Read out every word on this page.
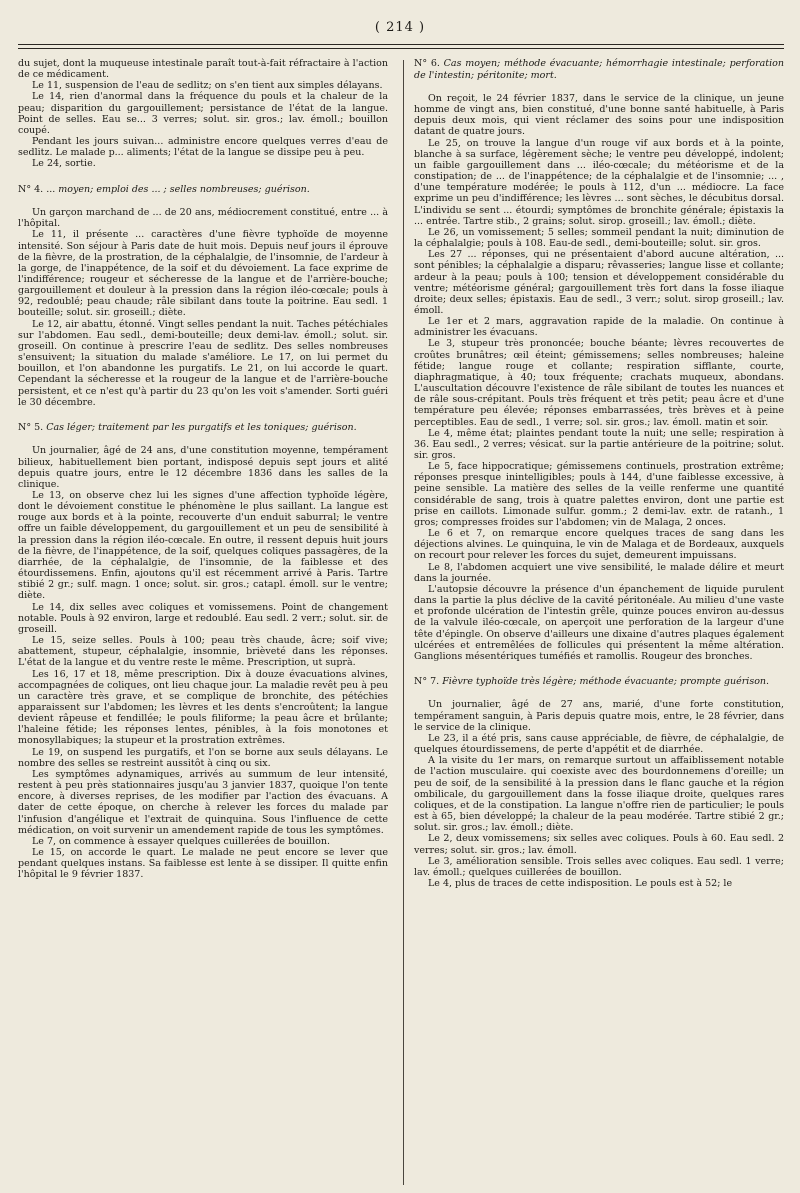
( 214 )

du sujet, dont la muqueuse intestinale paraît tout-à-fait réfractaire à l'action de ce médicament.

Le 11, suspension de l'eau de sedlitz; on s'en tient aux simples délayans.

Le 14, rien d'anormal dans la fréquence du pouls et la chaleur de la peau; disparition du gargouillement; persistance de l'état de la langue. Point de selles. Eau se... 3 verres; solut. sir. gros.; lav. émoll.; bouillon coupé.

Pendant les jours suivan... administre encore quelques verres d'eau de sedlitz. Le malade p... aliments; l'état de la langue se dissipe peu à peu.

Le 24, sortie.

N° 4. ... moyen; emploi des ... ; selles nombreuses; guérison.

Un garçon marchand de ... de 20 ans, médiocrement constitué, entre ... à l'hôpital.

Le 11, il présente ... caractères d'une fièvre typhoïde de moyenne intensité. Son séjour à Paris date de huit mois. Depuis neuf jours il éprouve de la fièvre, de la prostration, de la céphalalgie, de l'insomnie, de l'ardeur à la gorge, de l'inappétence, de la soif et du dévoiement. La face exprime de l'indifférence; rougeur et sécheresse de la langue et de l'arrière-bouche; gargouillement et douleur à la pression dans la région iléo-cœcale; pouls à 92, redoublé; peau chaude; râle sibilant dans toute la poitrine. Eau sedl. 1 bouteille; solut. sir. groseill.; diète.

Le 12, air abattu, étonné. Vingt selles pendant la nuit. Taches pétéchiales sur l'abdomen. Eau sedl., demi-bouteille; deux demi-lav. émoll.; solut. sir. groseill. On continue à prescrire l'eau de sedlitz. Des selles nombreuses s'ensuivent; la situation du malade s'améliore. Le 17, on lui permet du bouillon, et l'on abandonne les purgatifs. Le 21, on lui accorde le quart. Cependant la sécheresse et la rougeur de la langue et de l'arrière-bouche persistent, et ce n'est qu'à partir du 23 qu'on les voit s'amender. Sorti guéri le 30 décembre.

N° 5. Cas léger; traitement par les purgatifs et les toniques; guérison.

Un journalier, âgé de 24 ans, d'une constitution moyenne, tempérament bilieux, habituellement bien portant, indisposé depuis sept jours et alité depuis quatre jours, entre le 12 décembre 1836 dans les salles de la clinique.

Le 13, on observe chez lui les signes d'une affection typhoïde légère, dont le dévoiement constitue le phénomène le plus saillant. La langue est rouge aux bords et à la pointe, recouverte d'un enduit saburral; le ventre offre un faible développement, du gargouillement et un peu de sensibilité à la pression dans la région iléo-cœcale. En outre, il ressent depuis huit jours de la fièvre, de l'inappétence, de la soif, quelques coliques passagères, de la diarrhée, de la céphalalgie, de l'insomnie, de la faiblesse et des étourdissemens. Enfin, ajoutons qu'il est récemment arrivé à Paris. Tartre stibié 2 gr.; sulf. magn. 1 once; solut. sir. gros.; catapl. émoll. sur le ventre; diète.

Le 14, dix selles avec coliques et vomissemens. Point de changement notable. Pouls à 92 environ, large et redoublé. Eau sedl. 2 verr.; solut. sir. de groseill.

Le 15, seize selles. Pouls à 100; peau très chaude, âcre; soif vive; abattement, stupeur, céphalalgie, insomnie, brièveté dans les réponses. L'état de la langue et du ventre reste le même. Prescription, ut suprà.

Les 16, 17 et 18, même prescription. Dix à douze évacuations alvines, accompagnées de coliques, ont lieu chaque jour. La maladie revêt peu à peu un caractère très grave, et se complique de bronchite, des pétéchies apparaissent sur l'abdomen; les lèvres et les dents s'encroûtent; la langue devient râpeuse et fendillée; le pouls filiforme; la peau âcre et brûlante; l'haleine fétide; les réponses lentes, pénibles, à la fois monotones et monosyllabiques; la stupeur et la prostration extrêmes.

Le 19, on suspend les purgatifs, et l'on se borne aux seuls délayans. Le nombre des selles se restreint aussitôt à cinq ou six.

Les symptômes adynamiques, arrivés au summum de leur intensité, restent à peu près stationnaires jusqu'au 3 janvier 1837, quoique l'on tente encore, à diverses reprises, de les modifier par l'action des évacuans. A dater de cette époque, on cherche à relever les forces du malade par l'infusion d'angélique et l'extrait de quinquina. Sous l'influence de cette médication, on voit survenir un amendement rapide de tous les symptômes.

Le 7, on commence à essayer quelques cuillerées de bouillon.

Le 15, on accorde le quart. Le malade ne peut encore se lever que pendant quelques instans. Sa faiblesse est lente à se dissiper. Il quitte enfin l'hôpital le 9 février 1837.

N° 6. Cas moyen; méthode évacuante; hémorrhagie intestinale; perforation de l'intestin; péritonite; mort.

On reçoit, le 24 février 1837, dans le service de la clinique, un jeune homme de vingt ans, bien constitué, d'une bonne santé habituelle, à Paris depuis deux mois, qui vient réclamer des soins pour une indisposition datant de quatre jours.

Le 25, on trouve la langue d'un rouge vif aux bords et à la pointe, blanche à sa surface, légèrement sèche; le ventre peu développé, indolent; un faible gargouillement dans ... iléo-cœcale; du météorisme et de la constipation; de ... de l'inappétence; de la céphalalgie et de l'insomnie; ... , d'une température modérée; le pouls à 112, d'un ... médiocre. La face exprime un peu d'indifférence; les lèvres ... sont sèches, le décubitus dorsal. L'individu se sent ... étourdi; symptômes de bronchite générale; épistaxis la ... entrée. Tartre stib., 2 grains; solut. sirop. groseill.; lav. émoll.; diète.

Le 26, un vomissement; 5 selles; sommeil pendant la nuit; diminution de la céphalalgie; pouls à 108. Eau-de sedl., demi-bouteille; solut. sir. gros.

Les 27 ... réponses, qui ne présentaient d'abord aucune altération, ... sont pénibles; la céphalalgie a disparu; rêvasseries; langue lisse et collante; ardeur à la peau; pouls à 100; tension et développement considérable du ventre; météorisme général; gargouillement très fort dans la fosse iliaque droite; deux selles; épistaxis. Eau de sedl., 3 verr.; solut. sirop groseill.; lav. émoll.

Le 1er et 2 mars, aggravation rapide de la maladie. On continue à administrer les évacuans.

Le 3, stupeur très prononcée; bouche béante; lèvres recouvertes de croûtes brunâtres; œil éteint; gémissemens; selles nombreuses; haleine fétide; langue rouge et collante; respiration sifflante, courte, diaphragmatique, à 40; toux fréquente; crachats muqueux, abondans. L'auscultation découvre l'existence de râle sibilant de toutes les nuances et de râle sous-crépitant. Pouls très fréquent et très petit; peau âcre et d'une température peu élevée; réponses embarrassées, très brèves et à peine perceptibles. Eau de sedl., 1 verre; sol. sir. gros.; lav. émoll. matin et soir.

Le 4, même état; plaintes pendant toute la nuit; une selle; respiration à 36. Eau sedl., 2 verres; vésicat. sur la partie antérieure de la poitrine; solut. sir. gros.

Le 5, face hippocratique; gémissemens continuels, prostration extrême; réponses presque inintelligibles; pouls à 144, d'une faiblesse excessive, à peine sensible. La matière des selles de la veille renferme une quantité considérable de sang, trois à quatre palettes environ, dont une partie est prise en caillots. Limonade sulfur. gomm.; 2 demi-lav. extr. de ratanh., 1 gros; compresses froides sur l'abdomen; vin de Malaga, 2 onces.

Le 6 et 7, on remarque encore quelques traces de sang dans les déjections alvines. Le quinquina, le vin de Malaga et de Bordeaux, auxquels on recourt pour relever les forces du sujet, demeurent impuissans.

Le 8, l'abdomen acquiert une vive sensibilité, le malade délire et meurt dans la journée.

L'autopsie découvre la présence d'un épanchement de liquide purulent dans la partie la plus déclive de la cavité péritonéale. Au milieu d'une vaste et profonde ulcération de l'intestin grêle, quinze pouces environ au-dessus de la valvule iléo-cœcale, on aperçoit une perforation de la largeur d'une tête d'épingle. On observe d'ailleurs une dixaine d'autres plaques également ulcérées et entremêlées de follicules qui présentent la même altération. Ganglions mésentériques tuméfiés et ramollis. Rougeur des bronches.

N° 7. Fièvre typhoïde très légère; méthode évacuante; prompte guérison.

Un journalier, âgé de 27 ans, marié, d'une forte constitution, tempérament sanguin, à Paris depuis quatre mois, entre, le 28 février, dans le service de la clinique.

Le 23, il a été pris, sans cause appréciable, de fièvre, de céphalalgie, de quelques étourdissemens, de perte d'appétit et de diarrhée.

A la visite du 1er mars, on remarque surtout un affaiblissement notable de l'action musculaire. qui coexiste avec des bourdonnemens d'oreille; un peu de soif, de la sensibilité à la pression dans le flanc gauche et la région ombilicale, du gargouillement dans la fosse iliaque droite, quelques rares coliques, et de la constipation. La langue n'offre rien de particulier; le pouls est à 65, bien développé; la chaleur de la peau modérée. Tartre stibié 2 gr.; solut. sir. gros.; lav. émoll.; diète.

Le 2, deux vomissemens; six selles avec coliques. Pouls à 60. Eau sedl. 2 verres; solut. sir. gros.; lav. émoll.

Le 3, amélioration sensible. Trois selles avec coliques. Eau sedl. 1 verre; lav. émoll.; quelques cuillerées de bouillon.

Le 4, plus de traces de cette indisposition. Le pouls est à 52; le
